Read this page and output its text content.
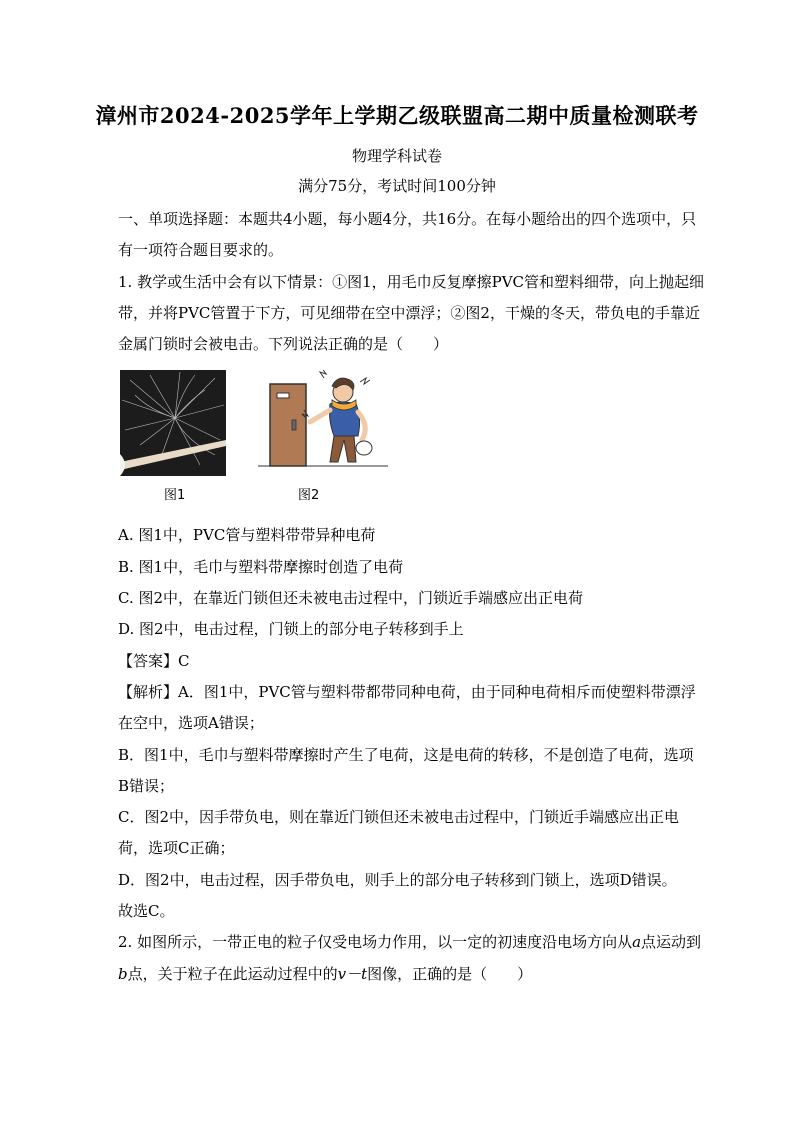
漳州市2024-2025学年上学期乙级联盟高二期中质量检测联考
物理学科试卷
满分75分，考试时间100分钟
一、单项选择题：本题共4小题，每小题4分，共16分。在每小题给出的四个选项中，只
有一项符合题目要求的。
1. 教学或生活中会有以下情景：①图1，用毛巾反复摩擦PVC管和塑料细带，向上抛起细
带，并将PVC管置于下方，可见细带在空中漂浮；②图2，干燥的冬天，带负电的手靠近
金属门锁时会被电击。下列说法正确的是（　　）
图1	图2
A. 图1中，PVC管与塑料带带异种电荷
B. 图1中，毛巾与塑料带摩擦时创造了电荷
C. 图2中，在靠近门锁但还未被电击过程中，门锁近手端感应出正电荷
D. 图2中，电击过程，门锁上的部分电子转移到手上
【答案】C
【解析】A．图1中，PVC管与塑料带都带同种电荷，由于同种电荷相斥而使塑料带漂浮
在空中，选项A错误；
B．图1中，毛巾与塑料带摩擦时产生了电荷，这是电荷的转移，不是创造了电荷，选项
B错误；
C．图2中，因手带负电，则在靠近门锁但还未被电击过程中，门锁近手端感应出正电
荷，选项C正确；
D．图2中，电击过程，因手带负电，则手上的部分电子转移到门锁上，选项D错误。
故选C。
2. 如图所示，一带正电的粒子仅受电场力作用，以一定的初速度沿电场方向从a点运动到
b点，关于粒子在此运动过程中的v－t图像，正确的是（　　）
